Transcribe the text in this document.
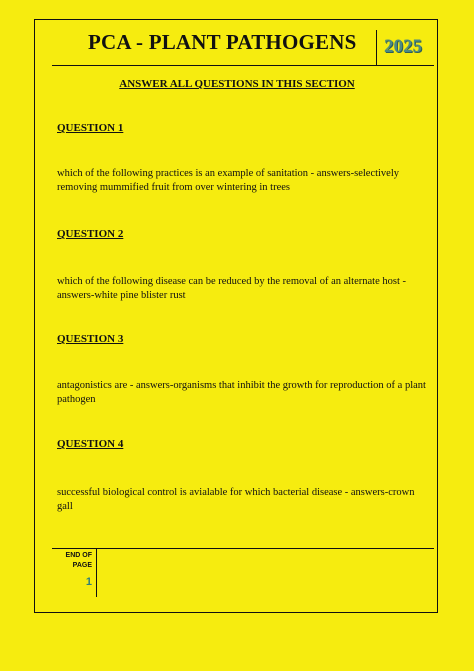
PCA - PLANT PATHOGENS 2025
ANSWER ALL QUESTIONS IN THIS SECTION
QUESTION 1
which of the following practices is an example of sanitation - answers-selectively removing mummified fruit from over wintering in trees
QUESTION 2
which of the following disease can be reduced by the removal of an alternate host - answers-white pine blister rust
QUESTION 3
antagonistics are - answers-organisms that inhibit the growth for reproduction of a plant pathogen
QUESTION 4
successful biological control is avialable for which bacterial disease - answers-crown gall
END OF
PAGE
1
